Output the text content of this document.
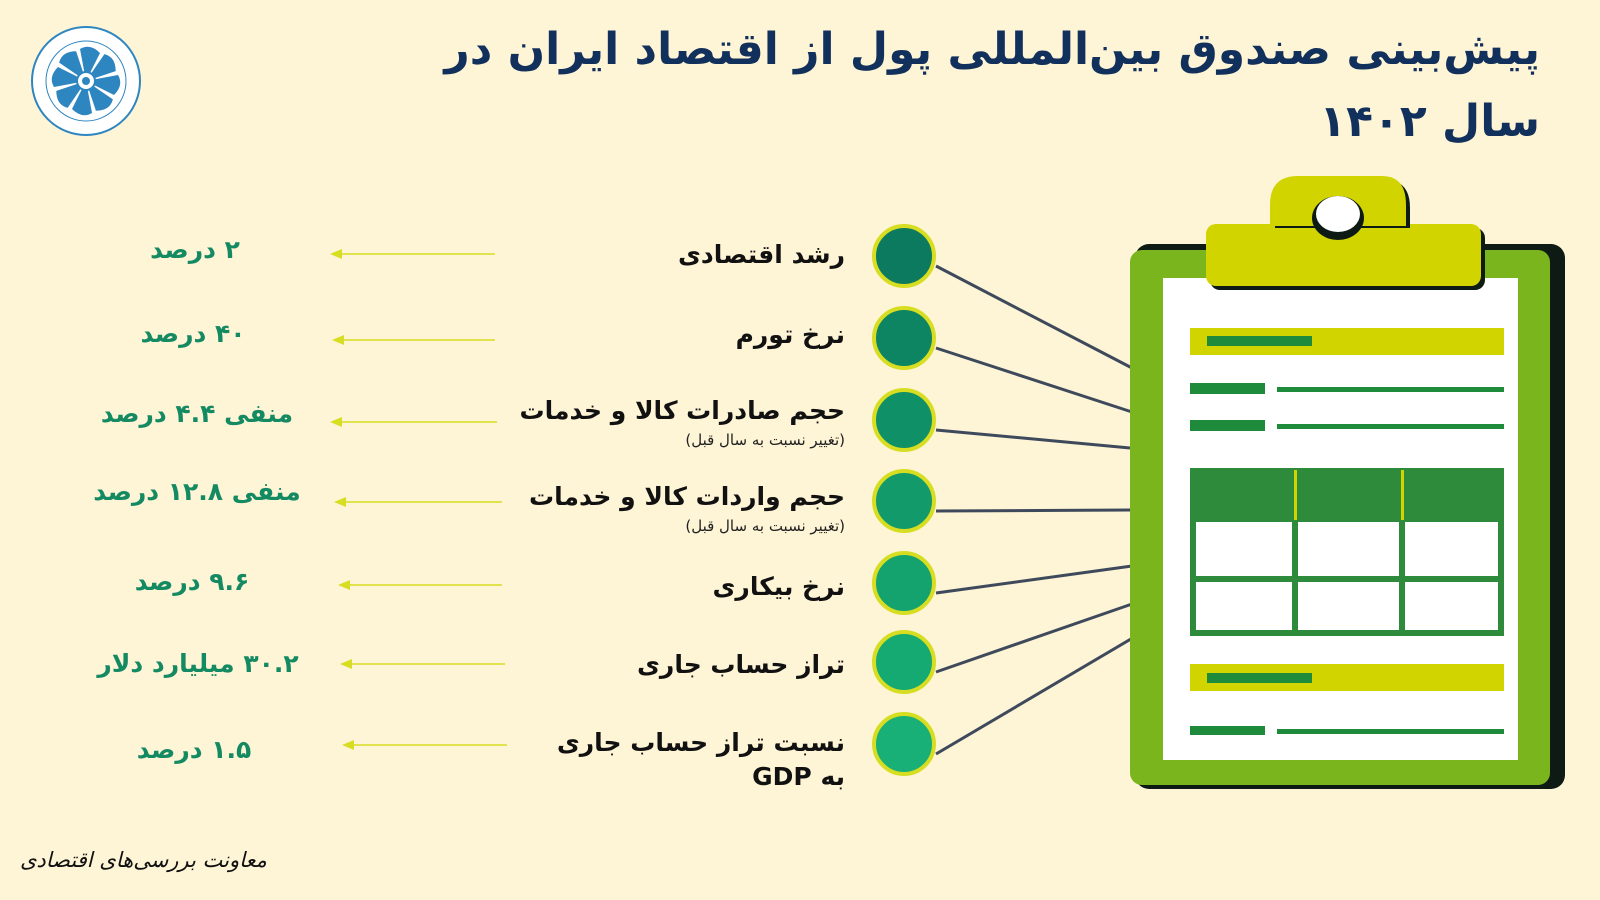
پیش‌بینی صندوق بین‌المللی پول از اقتصاد ایران در سال ۱۴۰۲
رشد اقتصادی
۲ درصد
نرخ تورم
۴۰ درصد
حجم صادرات کالا و خدمات
(تغییر نسبت به سال قبل)
منفی ۴.۴ درصد
حجم واردات کالا و خدمات
(تغییر نسبت به سال قبل)
منفی ۱۲.۸ درصد
نرخ بیکاری
۹.۶ درصد
تراز حساب جاری
۳۰.۲ میلیارد دلار
نسبت تراز حساب جاری به GDP
۱.۵ درصد
معاونت بررسی‌های اقتصادی
